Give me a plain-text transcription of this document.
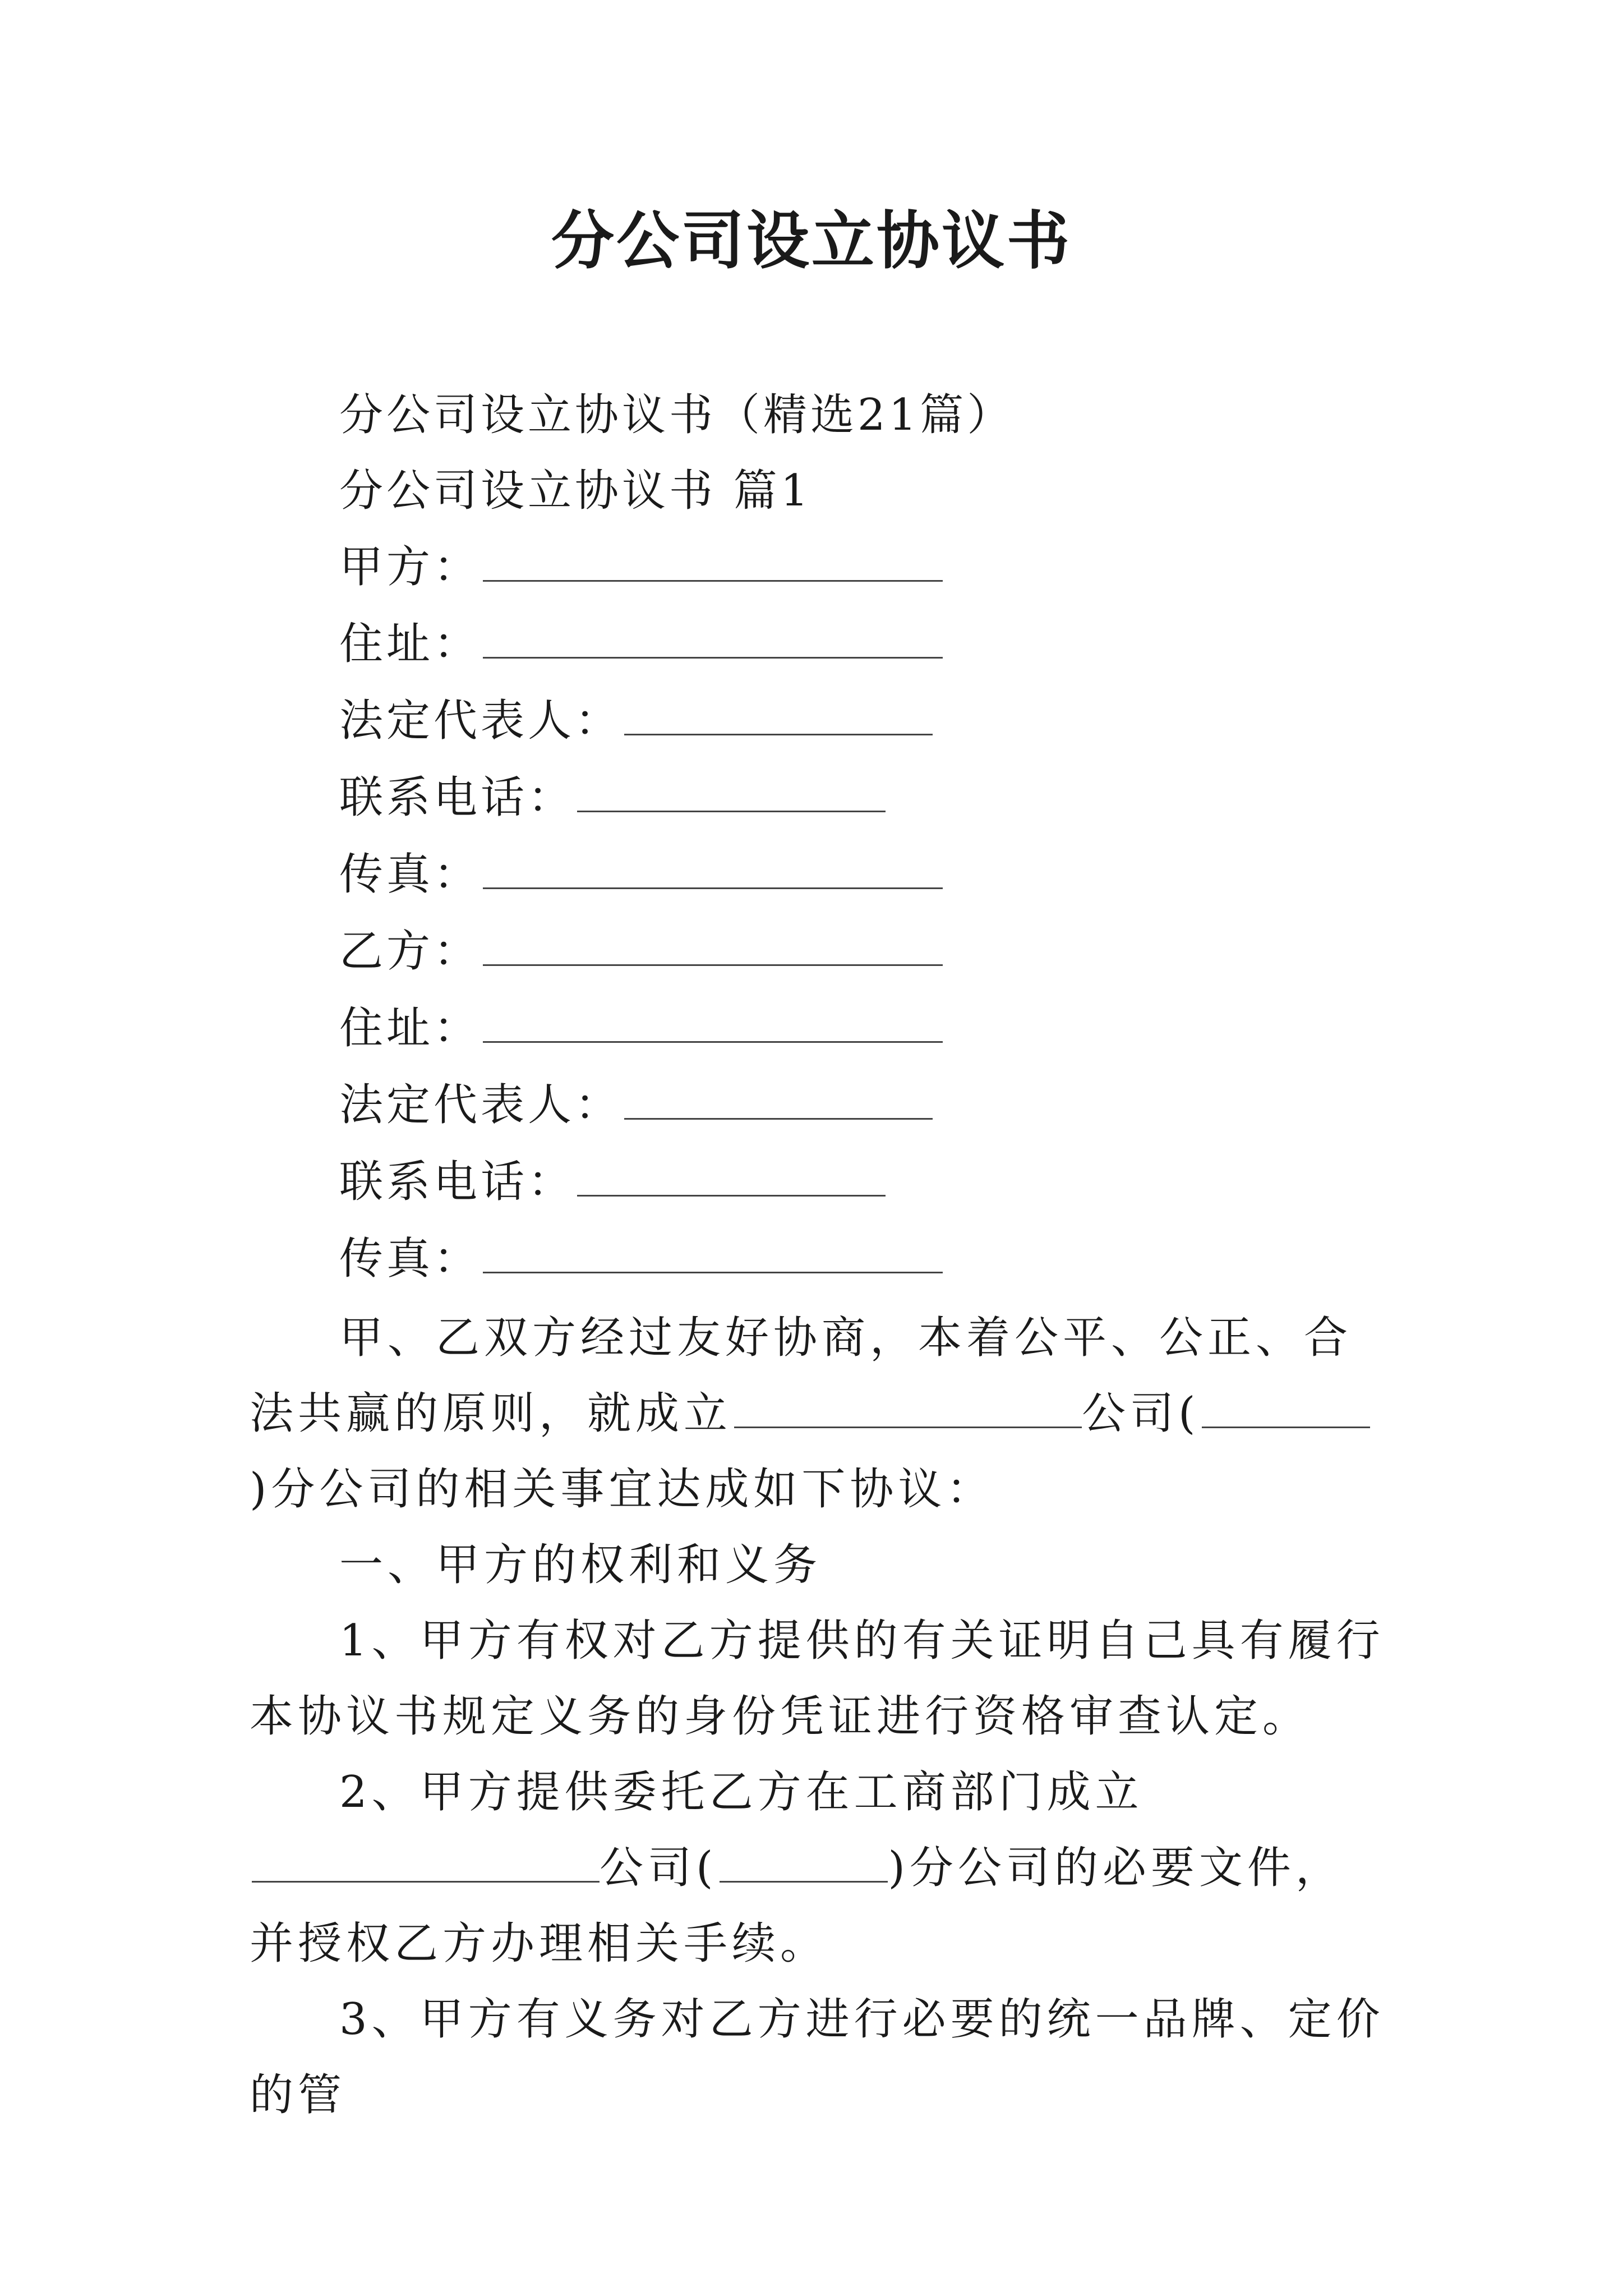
分公司设立协议书
分公司设立协议书（精选21篇）
分公司设立协议书 篇1
甲方：
住址：
法定代表人：
联系电话：
传真：
乙方：
住址：
法定代表人：
联系电话：
传真：
甲、乙双方经过友好协商，本着公平、公正、合法共赢的原则，就成立	公司()分公司的相关事宜达成如下协议：
一、甲方的权利和义务
1、甲方有权对乙方提供的有关证明自己具有履行本协议书规定义务的身份凭证进行资格审查认定。
2、甲方提供委托乙方在工商部门成立公司(	)分公司的必要文件，并授权乙方办理相关手续。
3、甲方有义务对乙方进行必要的统一品牌、定价的管
